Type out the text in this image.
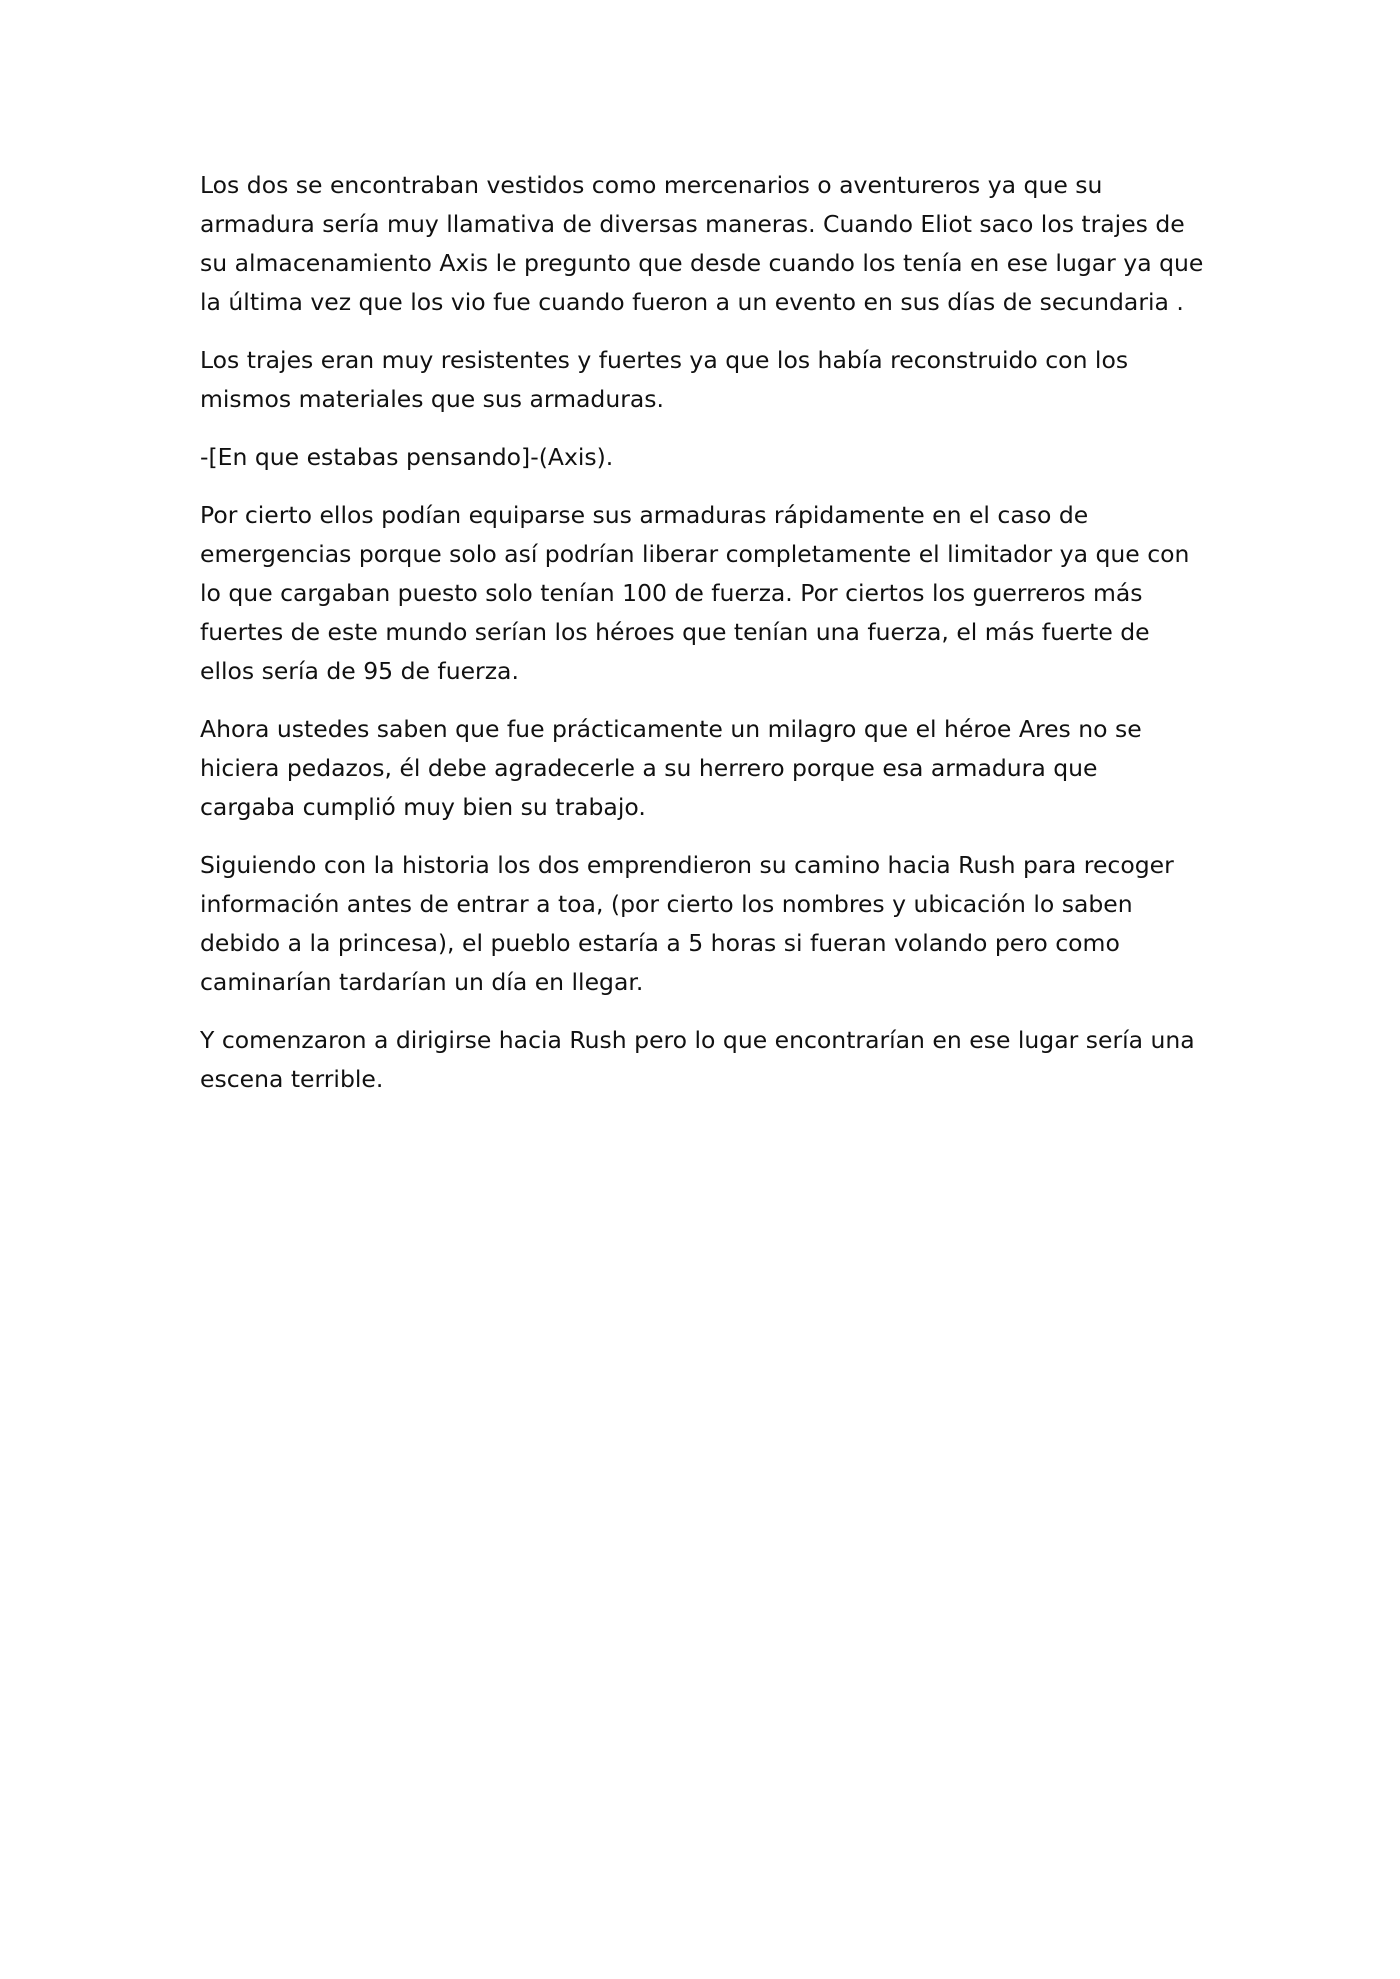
Los dos se encontraban vestidos como mercenarios o aventureros ya que su
armadura sería muy llamativa de diversas maneras. Cuando Eliot saco los trajes de
su almacenamiento Axis le pregunto que desde cuando los tenía en ese lugar ya que
la última vez que los vio fue cuando fueron a un evento en sus días de secundaria .

Los trajes eran muy resistentes y fuertes ya que los había reconstruido con los
mismos materiales que sus armaduras.

-[En que estabas pensando]-(Axis).

Por cierto ellos podían equiparse sus armaduras rápidamente en el caso de
emergencias porque solo así podrían liberar completamente el limitador ya que con
lo que cargaban puesto solo tenían 100 de fuerza. Por ciertos los guerreros más
fuertes de este mundo serían los héroes que tenían una fuerza, el más fuerte de
ellos sería de 95 de fuerza.

Ahora ustedes saben que fue prácticamente un milagro que el héroe Ares no se
hiciera pedazos, él debe agradecerle a su herrero porque esa armadura que
cargaba cumplió muy bien su trabajo.

Siguiendo con la historia los dos emprendieron su camino hacia Rush para recoger
información antes de entrar a toa, (por cierto los nombres y ubicación lo saben
debido a la princesa), el pueblo estaría a 5 horas si fueran volando pero como
caminarían tardarían un día en llegar.

Y comenzaron a dirigirse hacia Rush pero lo que encontrarían en ese lugar sería una
escena terrible.
